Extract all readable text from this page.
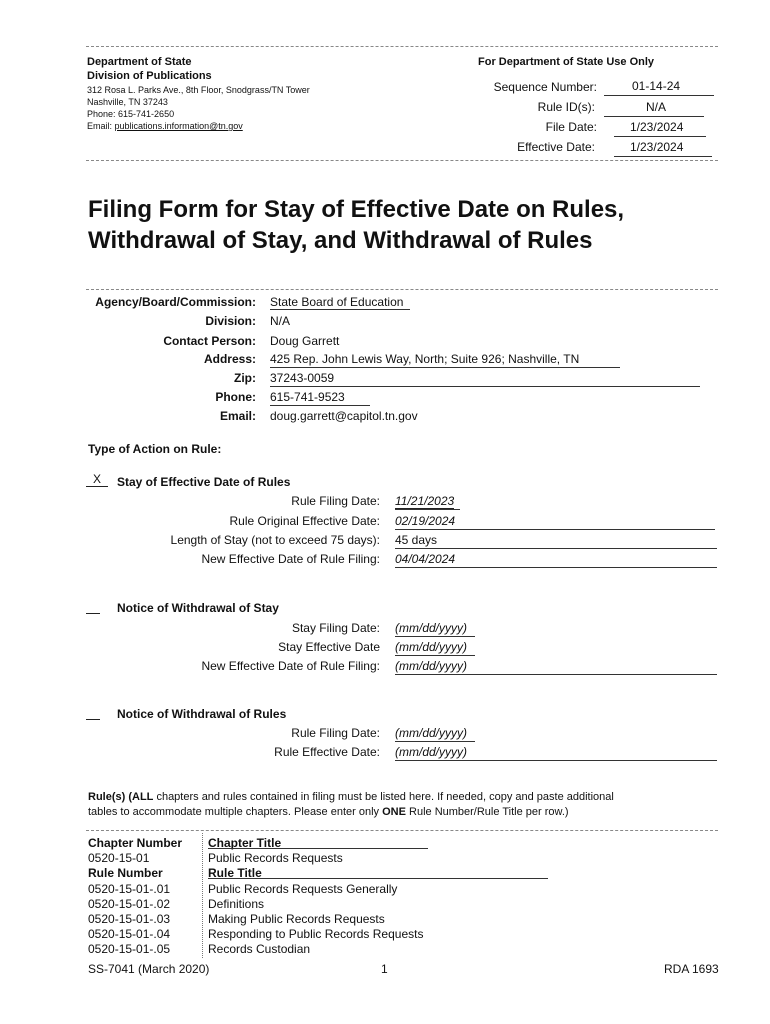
Department of State
Division of Publications
312 Rosa L. Parks Ave., 8th Floor, Snodgrass/TN Tower
Nashville, TN 37243
Phone: 615-741-2650
Email: publications.information@tn.gov
For Department of State Use Only
Sequence Number:	01-14-24
Rule ID(s):	N/A
File Date:	1/23/2024
Effective Date:	1/23/2024
Filing Form for Stay of Effective Date on Rules,
Withdrawal of Stay, and Withdrawal of Rules
Agency/Board/Commission: State Board of Education
Division: N/A
Contact Person: Doug Garrett
Address: 425 Rep. John Lewis Way, North; Suite 926; Nashville, TN
Zip: 37243-0059
Phone: 615-741-9523
Email: doug.garrett@capitol.tn.gov
Type of Action on Rule:
X	Stay of Effective Date of Rules
Rule Filing Date: 11/21/2023
Rule Original Effective Date: 02/19/2024
Length of Stay (not to exceed 75 days): 45 days
New Effective Date of Rule Filing: 04/04/2024
Notice of Withdrawal of Stay
Stay Filing Date: (mm/dd/yyyy)
Stay Effective Date (mm/dd/yyyy)
New Effective Date of Rule Filing: (mm/dd/yyyy)
Notice of Withdrawal of Rules
Rule Filing Date: (mm/dd/yyyy)
Rule Effective Date: (mm/dd/yyyy)
Rule(s) (ALL chapters and rules contained in filing must be listed here. If needed, copy and paste additional
tables to accommodate multiple chapters. Please enter only ONE Rule Number/Rule Title per row.)
Chapter Number Chapter Title
0520-15-01	Public Records Requests
Rule Number	Rule Title
0520-15-01-.01	Public Records Requests Generally
0520-15-01-.02	Definitions
0520-15-01-.03	Making Public Records Requests
0520-15-01-.04	Responding to Public Records Requests
0520-15-01-.05	Records Custodian
SS-7041 (March 2020)	1	RDA 1693
